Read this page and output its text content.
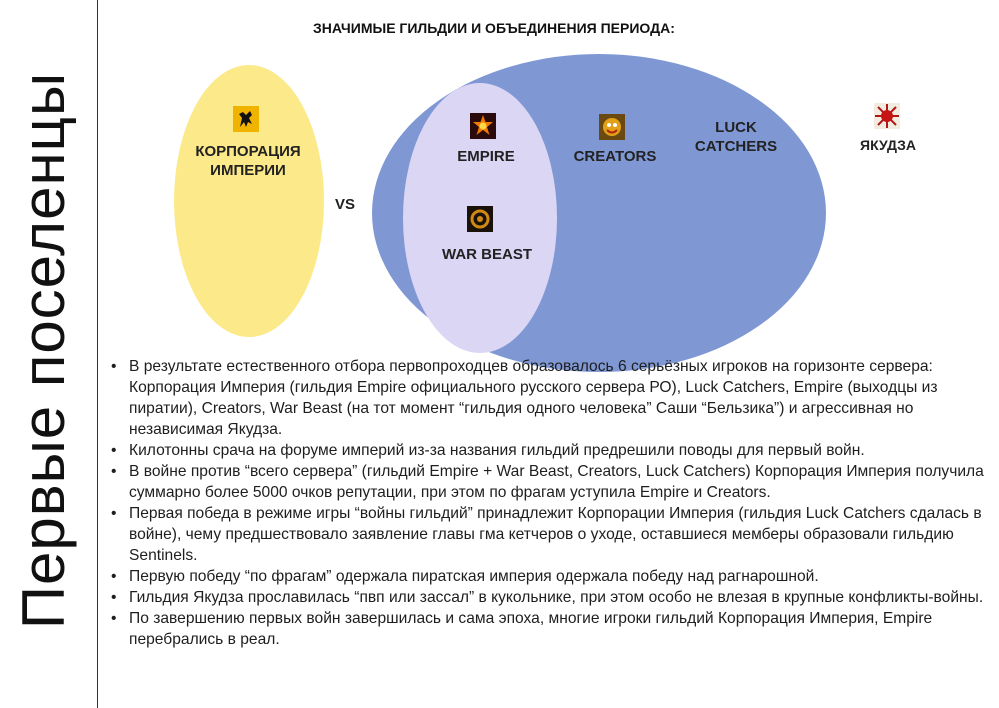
Первые поселенцы
ЗНАЧИМЫЕ ГИЛЬДИИ И ОБЪЕДИНЕНИЯ ПЕРИОДА:
КОРПОРАЦИЯ
ИМПЕРИИ
VS
EMPIRE
WAR BEAST
CREATORS
LUCK
CATCHERS	ЯКУДЗА
• В результате естественного отбора первопроходцев образовалось 6 серьёзных игроков на горизонте сервера: Корпорация Империя (гильдия Empire официального русского сервера РО), Luck Catchers, Empire (выходцы из пиратии), Creators, War Beast (на тот момент “гильдия одного человека” Саши “Бельзика”) и агрессивная но независимая Якудза.
• Килотонны срача на форуме империй из-за названия гильдий предрешили поводы для первый войн.
• В войне против “всего сервера” (гильдий Empire + War Beast, Creators, Luck Catchers) Корпорация Империя получила суммарно более 5000 очков репутации, при этом по фрагам уступила Empire и Creators.
• Первая победа в режиме игры “войны гильдий” принадлежит Корпорации Империя (гильдия Luck Catchers сдалась в войне), чему предшествовало заявление главы гма кетчеров о уходе, оставшиеся мемберы образовали гильдию Sentinels.
• Первую победу “по фрагам” одержала пиратская империя одержала победу над рагнарошной.
• Гильдия Якудза прославилась “пвп или зассал” в кукольнике, при этом особо не влезая в крупные конфликты-войны.
• По завершению первых войн завершилась и сама эпоха, многие игроки гильдий Корпорация Империя, Empire перебрались в реал.
